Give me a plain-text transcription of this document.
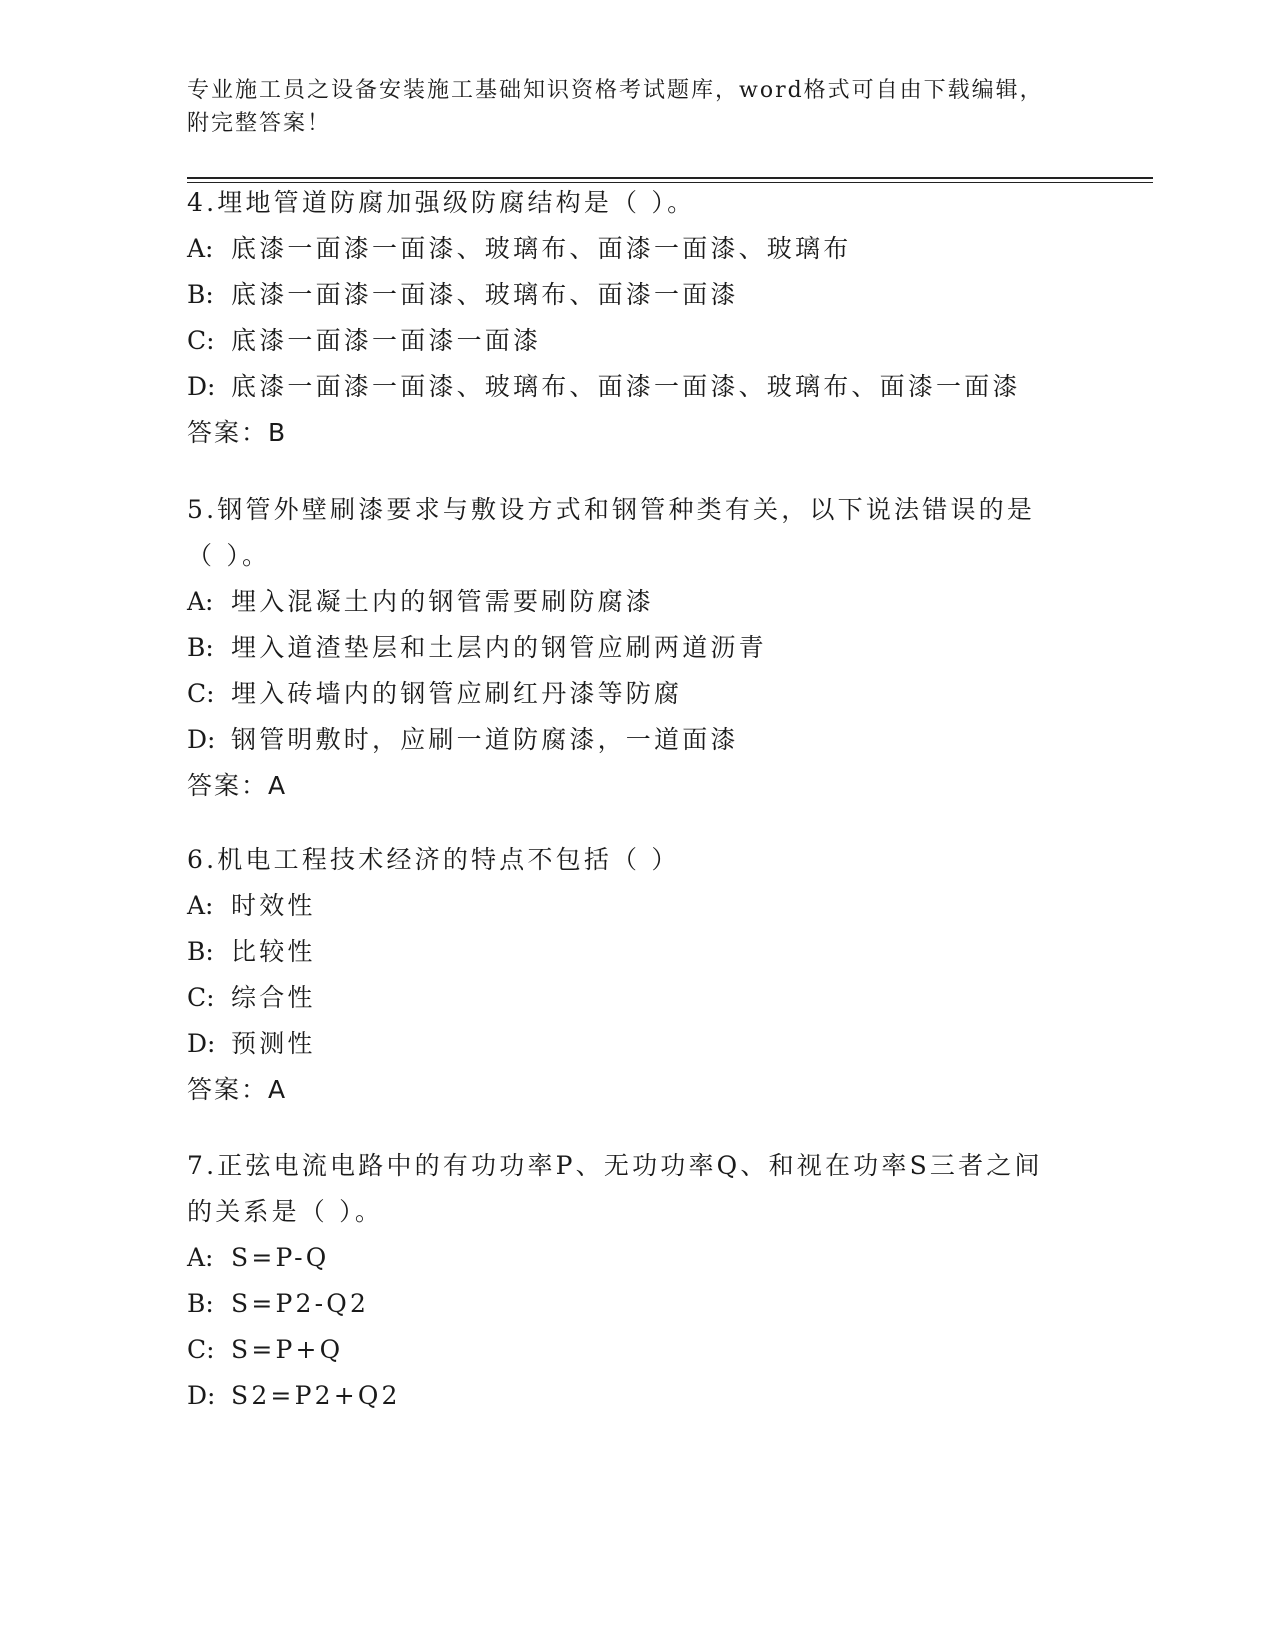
专业施工员之设备安装施工基础知识资格考试题库，word格式可自由下载编辑，
附完整答案！
4.埋地管道防腐加强级防腐结构是（ ）。
A: 底漆一面漆一面漆、玻璃布、面漆一面漆、玻璃布
B: 底漆一面漆一面漆、玻璃布、面漆一面漆
C: 底漆一面漆一面漆一面漆
D: 底漆一面漆一面漆、玻璃布、面漆一面漆、玻璃布、面漆一面漆
答案：B
5.钢管外壁刷漆要求与敷设方式和钢管种类有关，以下说法错误的是（ ）。
A: 埋入混凝土内的钢管需要刷防腐漆
B: 埋入道渣垫层和土层内的钢管应刷两道沥青
C: 埋入砖墙内的钢管应刷红丹漆等防腐
D: 钢管明敷时，应刷一道防腐漆，一道面漆
答案：A
6.机电工程技术经济的特点不包括（ ）
A: 时效性
B: 比较性
C: 综合性
D: 预测性
答案：A
7.正弦电流电路中的有功功率P、无功功率Q、和视在功率S三者之间的关系是（ ）。
A: S=P-Q
B: S=P2-Q2
C: S=P+Q
D: S2=P2+Q2
